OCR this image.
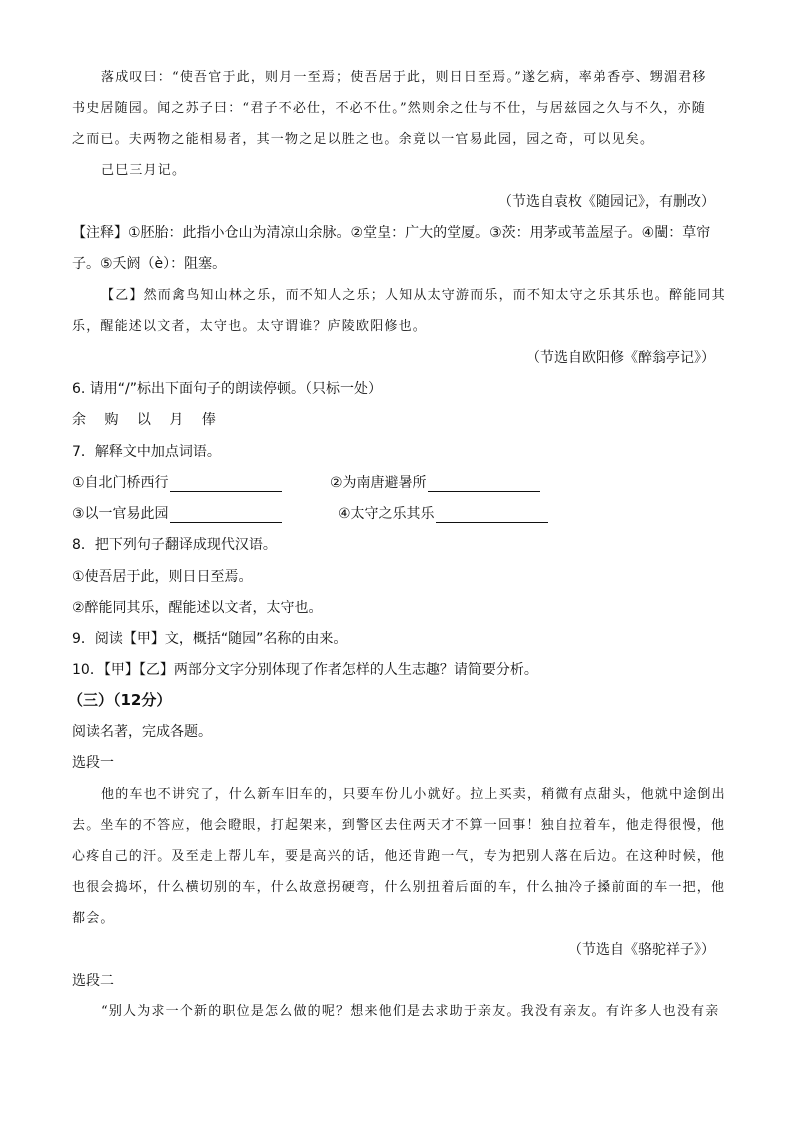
落成叹曰：“使吾官于此，则月一至焉；使吾居于此，则日日至焉。”遂乞病，率弟香亭、甥湄君移
书史居随园。闻之苏子曰：“君子不必仕，不必不仕。”然则余之仕与不仕，与居兹园之久与不久，亦随
之而已。夫两物之能相易者，其一物之足以胜之也。余竟以一官易此园，园之奇，可以见矣。
己巳三月记。
（节选自袁枚《随园记》，有删改）
【注释】①胚胎：此指小仓山为清凉山余脉。②堂皇：广大的堂厦。③茨：用茅或苇盖屋子。④闉：草帘
子。⑤夭阏（è）：阻塞。
【乙】然而禽鸟知山林之乐，而不知人之乐；人知从太守游而乐，而不知太守之乐其乐也。醉能同其
乐，醒能述以文者，太守也。太守谓谁？庐陵欧阳修也。
（节选自欧阳修《醉翁亭记》）
6. 请用“/”标出下面句子的朗读停顿。（只标一处）
余 购 以 月 俸
7．解释文中加点词语。
①自北门桥西行	②为南唐避暑所
③以一官易此园	④太守之乐其乐
8．把下列句子翻译成现代汉语。
①使吾居于此，则日日至焉。
②醉能同其乐，醒能述以文者，太守也。
9．阅读【甲】文，概括“随园”名称的由来。
10．【甲】【乙】两部分文字分别体现了作者怎样的人生志趣？请简要分析。
（三）（12分）
阅读名著，完成各题。
选段一
他的车也不讲究了，什么新车旧车的，只要车份儿小就好。拉上买卖，稍微有点甜头，他就中途倒出
去。坐车的不答应，他会瞪眼，打起架来，到警区去住两天才不算一回事！独自拉着车，他走得很慢，他
心疼自己的汗。及至走上帮儿车，要是高兴的话，他还肯跑一气，专为把别人落在后边。在这种时候，他
也很会捣坏，什么横切别的车，什么故意拐硬弯，什么别扭着后面的车，什么抽冷子搡前面的车一把，他
都会。
（节选自《骆驼祥子》）
选段二
“别人为求一个新的职位是怎么做的呢？想来他们是去求助于亲友。我没有亲友。有许多人也没有亲
